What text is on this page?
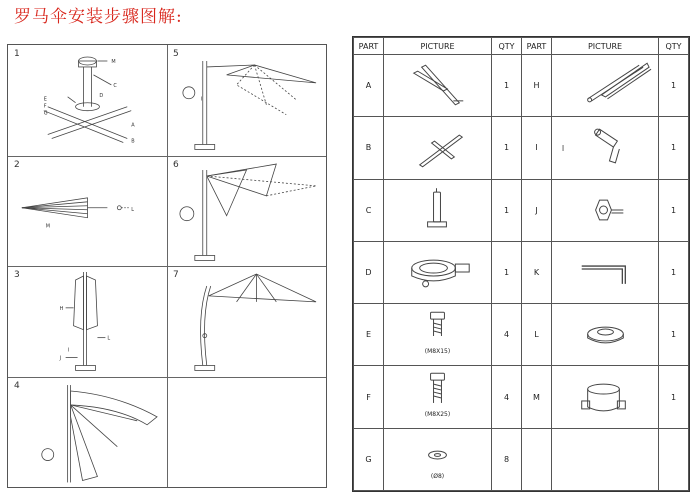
罗马伞安装步骤图解:
1
M
C
B
D
E
F
G
A
5
I
2
M
L
6
3
H
L
I
J
7
4
PART	PICTURE	QTY
A		1
B		1
C		1
D		1
E	(M8X15)	4
F	(M8X25)	4
G	(Ø8)	8
PART	PICTURE	QTY
H		1
I	I	1
J		1
K		1
L		1
M		1
